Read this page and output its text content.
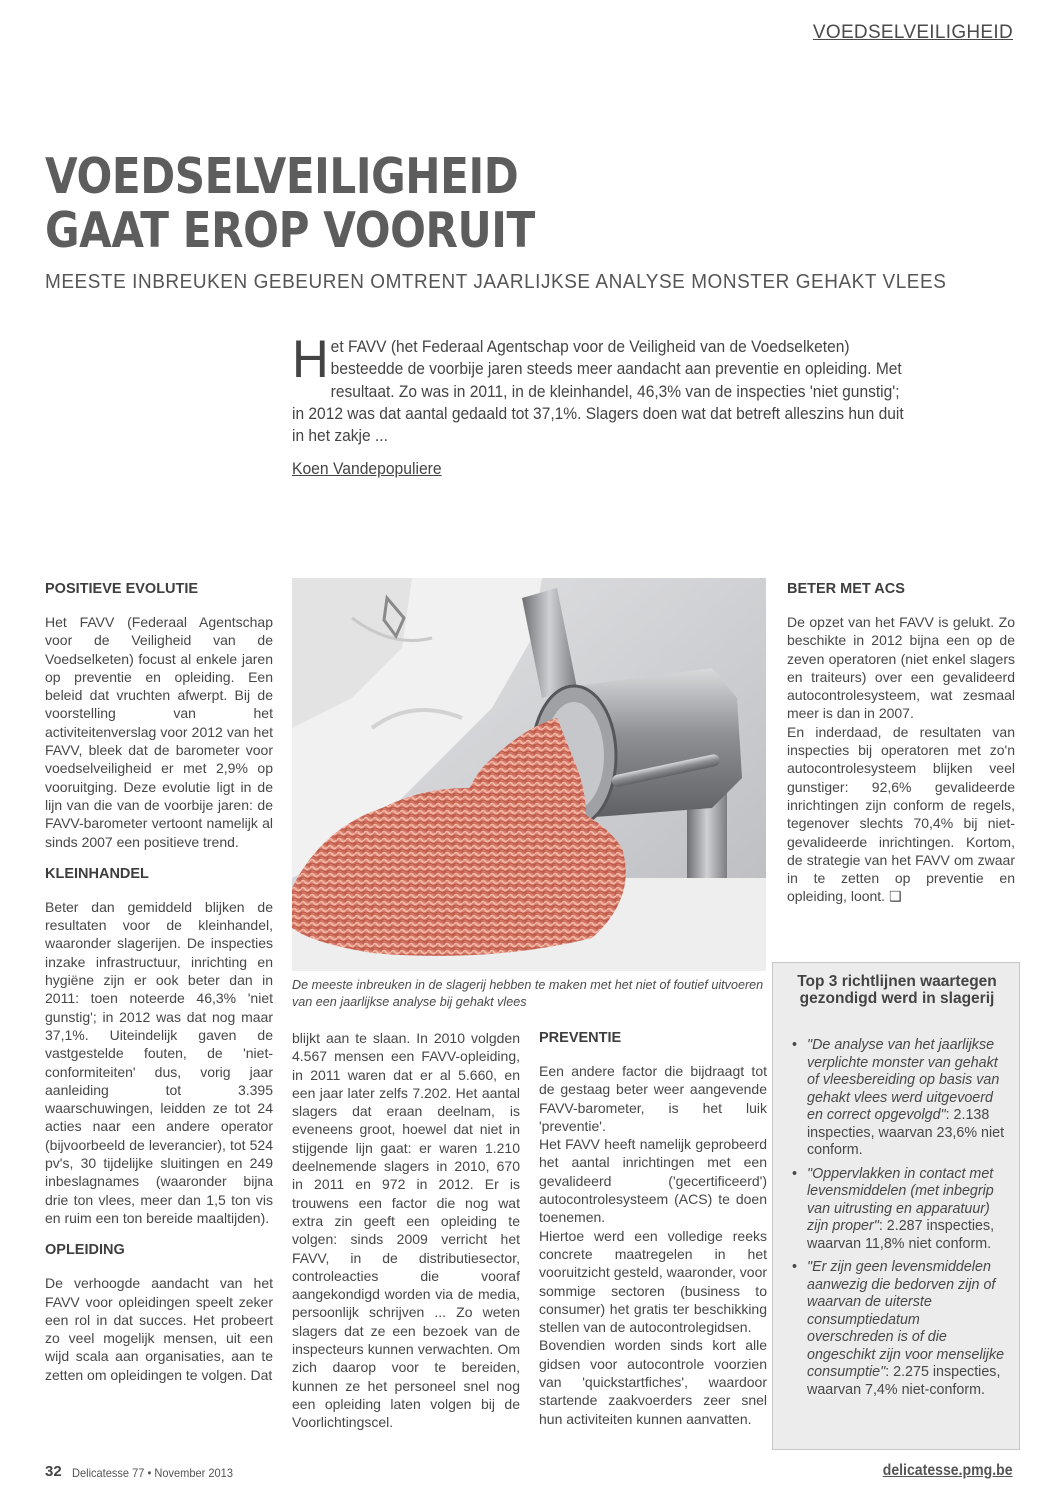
VOEDSELVEILIGHEID
VOEDSELVEILIGHEID
GAAT EROP VOORUIT
MEESTE INBREUKEN GEBEUREN OMTRENT JAARLIJKSE ANALYSE MONSTER GEHAKT VLEES
Het FAVV (het Federaal Agentschap voor de Veiligheid van de Voedselketen) besteedde de voorbije jaren steeds meer aandacht aan preventie en opleiding. Met resultaat. Zo was in 2011, in de kleinhandel, 46,3% van de inspecties 'niet gunstig'; in 2012 was dat aantal gedaald tot 37,1%. Slagers doen wat dat betreft alleszins hun duit in het zakje ...
Koen Vandepopuliere
POSITIEVE EVOLUTIE

Het FAVV (Federaal Agentschap voor de Veiligheid van de Voedselketen) focust al enkele jaren op preventie en opleiding. Een beleid dat vruchten afwerpt. Bij de voorstelling van het activiteitenverslag voor 2012 van het FAVV, bleek dat de barometer voor voedselveiligheid er met 2,9% op vooruitging. Deze evolutie ligt in de lijn van die van de voorbije jaren: de FAVV-barometer vertoont namelijk al sinds 2007 een positieve trend.

KLEINHANDEL

Beter dan gemiddeld blijken de resultaten voor de kleinhandel, waaronder slagerijen. De inspecties inzake infrastructuur, inrichting en hygiëne zijn er ook beter dan in 2011: toen noteerde 46,3% 'niet gunstig'; in 2012 was dat nog maar 37,1%. Uiteindelijk gaven de vastgestelde fouten, de 'niet-conformiteiten' dus, vorig jaar aanleiding tot 3.395 waarschuwingen, leidden ze tot 24 acties naar een andere operator (bijvoorbeeld de leverancier), tot 524 pv's, 30 tijdelijke sluitingen en 249 inbeslagnames (waaronder bijna drie ton vlees, meer dan 1,5 ton vis en ruim een ton bereide maaltijden).

OPLEIDING

De verhoogde aandacht van het FAVV voor opleidingen speelt zeker een rol in dat succes. Het probeert zo veel mogelijk mensen, uit een wijd scala aan organisaties, aan te zetten om opleidingen te volgen. Dat

De meeste inbreuken in de slagerij hebben te maken met het niet of foutief uitvoeren van een jaarlijkse analyse bij gehakt vlees

blijkt aan te slaan. In 2010 volgden 4.567 mensen een FAVV-opleiding, in 2011 waren dat er al 5.660, en een jaar later zelfs 7.202. Het aantal slagers dat eraan deelnam, is eveneens groot, hoewel dat niet in stijgende lijn gaat: er waren 1.210 deelnemende slagers in 2010, 670 in 2011 en 972 in 2012. Er is trouwens een factor die nog wat extra zin geeft een opleiding te volgen: sinds 2009 verricht het FAVV, in de distributiesector, controleacties die vooraf aangekondigd worden via de media, persoonlijk schrijven ... Zo weten slagers dat ze een bezoek van de inspecteurs kunnen verwachten. Om zich daarop voor te bereiden, kunnen ze het personeel snel nog een opleiding laten volgen bij de Voorlichtingscel.

PREVENTIE

Een andere factor die bijdraagt tot de gestaag beter weer aangevende FAVV-barometer, is het luik 'preventie'.

Het FAVV heeft namelijk geprobeerd het aantal inrichtingen met een gevalideerd ('gecertificeerd') autocontrolesysteem (ACS) te doen toenemen.

Hiertoe werd een volledige reeks concrete maatregelen in het vooruitzicht gesteld, waaronder, voor sommige sectoren (business to consumer) het gratis ter beschikking stellen van de autocontrolegidsen.

Bovendien worden sinds kort alle gidsen voor autocontrole voorzien van 'quickstartfiches', waardoor startende zaakvoerders zeer snel hun activiteiten kunnen aanvatten.

BETER MET ACS

De opzet van het FAVV is gelukt. Zo beschikte in 2012 bijna een op de zeven operatoren (niet enkel slagers en traiteurs) over een gevalideerd autocontrolesysteem, wat zesmaal meer is dan in 2007.

En inderdaad, de resultaten van inspecties bij operatoren met zo'n autocontrolesysteem blijken veel gunstiger: 92,6% gevalideerde inrichtingen zijn conform de regels, tegenover slechts 70,4% bij niet-gevalideerde inrichtingen. Kortom, de strategie van het FAVV om zwaar in te zetten op preventie en opleiding, loont. ❑

Top 3 richtlijnen waartegen gezondigd werd in slagerij
• "De analyse van het jaarlijkse verplichte monster van gehakt of vleesbereiding op basis van gehakt vlees werd uitgevoerd en correct opgevolgd": 2.138 inspecties, waarvan 23,6% niet conform.
• "Oppervlakken in contact met levensmiddelen (met inbegrip van uitrusting en apparatuur) zijn proper": 2.287 inspecties, waarvan 11,8% niet conform.
• "Er zijn geen levensmiddelen aanwezig die bedorven zijn of waarvan de uiterste consumptiedatum overschreden is of die ongeschikt zijn voor menselijke consumptie": 2.275 inspecties, waarvan 7,4% niet-conform.
32 Delicatesse 77 • November 2013	delicatesse.pmg.be
